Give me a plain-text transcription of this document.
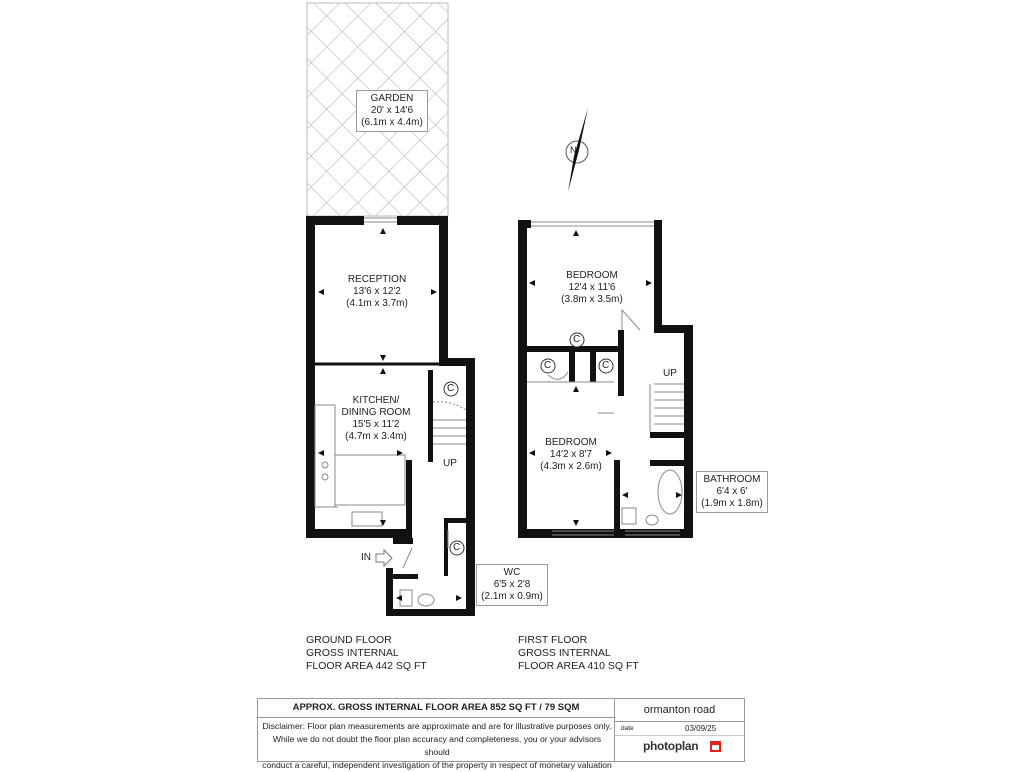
C
C
C
C	C
N
GARDEN
20' x 14'6
(6.1m x 4.4m)
RECEPTION
13'6 x 12'2
(4.1m x 3.7m)
KITCHEN/
DINING ROOM
15'5 x 11'2
(4.7m x 3.4m)
WC
6'5 x 2'8
(2.1m x 0.9m)
BEDROOM
12'4 x 11'6
(3.8m x 3.5m)
BEDROOM
14'2 x 8'7
(4.3m x 2.6m)
BATHROOM
6'4 x 6'
(1.9m x 1.8m)
UP
UP
IN
GROUND FLOOR
GROSS INTERNAL
FLOOR AREA 442 SQ FT
FIRST FLOOR
GROSS INTERNAL
FLOOR AREA 410 SQ FT
APPROX. GROSS INTERNAL FLOOR AREA 852 SQ FT / 79 SQM
Disclaimer: Floor plan measurements are approximate and are for illustrative purposes only.
While we do not doubt the floor plan accuracy and completeness, you or your advisors should
conduct a careful, independent investigation of the property in respect of monetary valuation
ormanton road
date	03/09/25
photoplan
